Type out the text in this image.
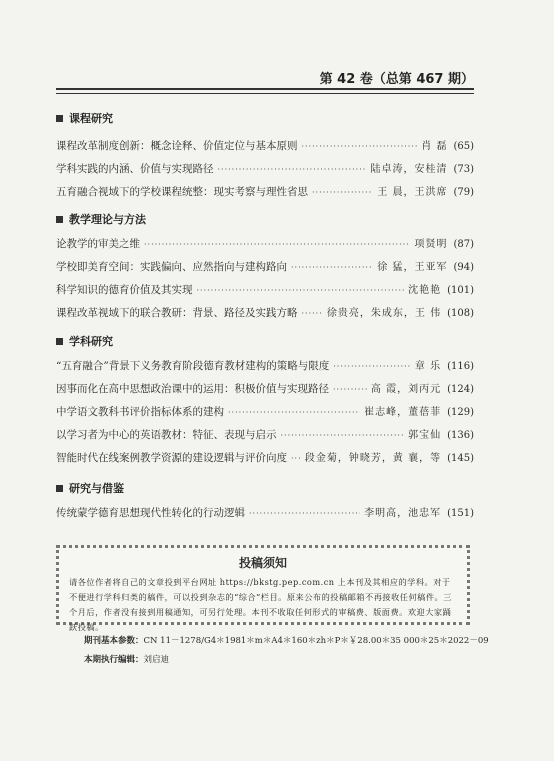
第 42 卷（总第 467 期）
课程研究
课程改革制度创新：概念诠释、价值定位与基本原则 ·····	肖 磊 (65)
学科实践的内涵、价值与实现路径 ·····	陆卓涛，安桂清 (73)
五育融合视域下的学校课程统整：现实考察与理性省思 ·····	王 晨，王洪席 (79)
教学理论与方法
论教学的审美之维 ·····	项贤明 (87)
学校即美育空间：实践偏向、应然指向与建构路向 ·····	徐 猛，王亚军 (94)
科学知识的德育价值及其实现 ·····	沈艳艳 (101)
课程改革视域下的联合教研：背景、路径及实践方略 ·····	徐贵亮，朱成东，王 伟 (108)
学科研究
“五育融合”背景下义务教育阶段德育教材建构的策略与限度 ·····	章 乐 (116)
因事而化在高中思想政治课中的运用：积极价值与实现路径 ·····	高 霞，刘丙元 (124)
中学语文教科书评价指标体系的建构 ·····	崔志峰，董蓓菲 (129)
以学习者为中心的英语教材：特征、表现与启示 ·····	郭宝仙 (136)
智能时代在线案例教学资源的建设逻辑与评价向度 ····· 段金菊，钟晓芳，黄 襄，等 (145)
研究与借鉴
传统蒙学德育思想现代性转化的行动逻辑 ·····	李明高，池忠军 (151)
投稿须知
请各位作者将自己的文章投到平台网址 https://bkstg.pep.com.cn 上本刊及其相应的学科。对于不便进行学科归类的稿件，可以投到杂志的“综合”栏目。原来公布的投稿邮箱不再接收任何稿件。三个月后，作者没有接到用稿通知，可另行处理。本刊不收取任何形式的审稿费、版面费。欢迎大家踊跃投稿。
期刊基本参数：CN 11－1278/G4＊1981＊m＊A4＊160＊zh＊P＊￥28.00＊35 000＊25＊2022－09
本期执行编辑：刘启迪
